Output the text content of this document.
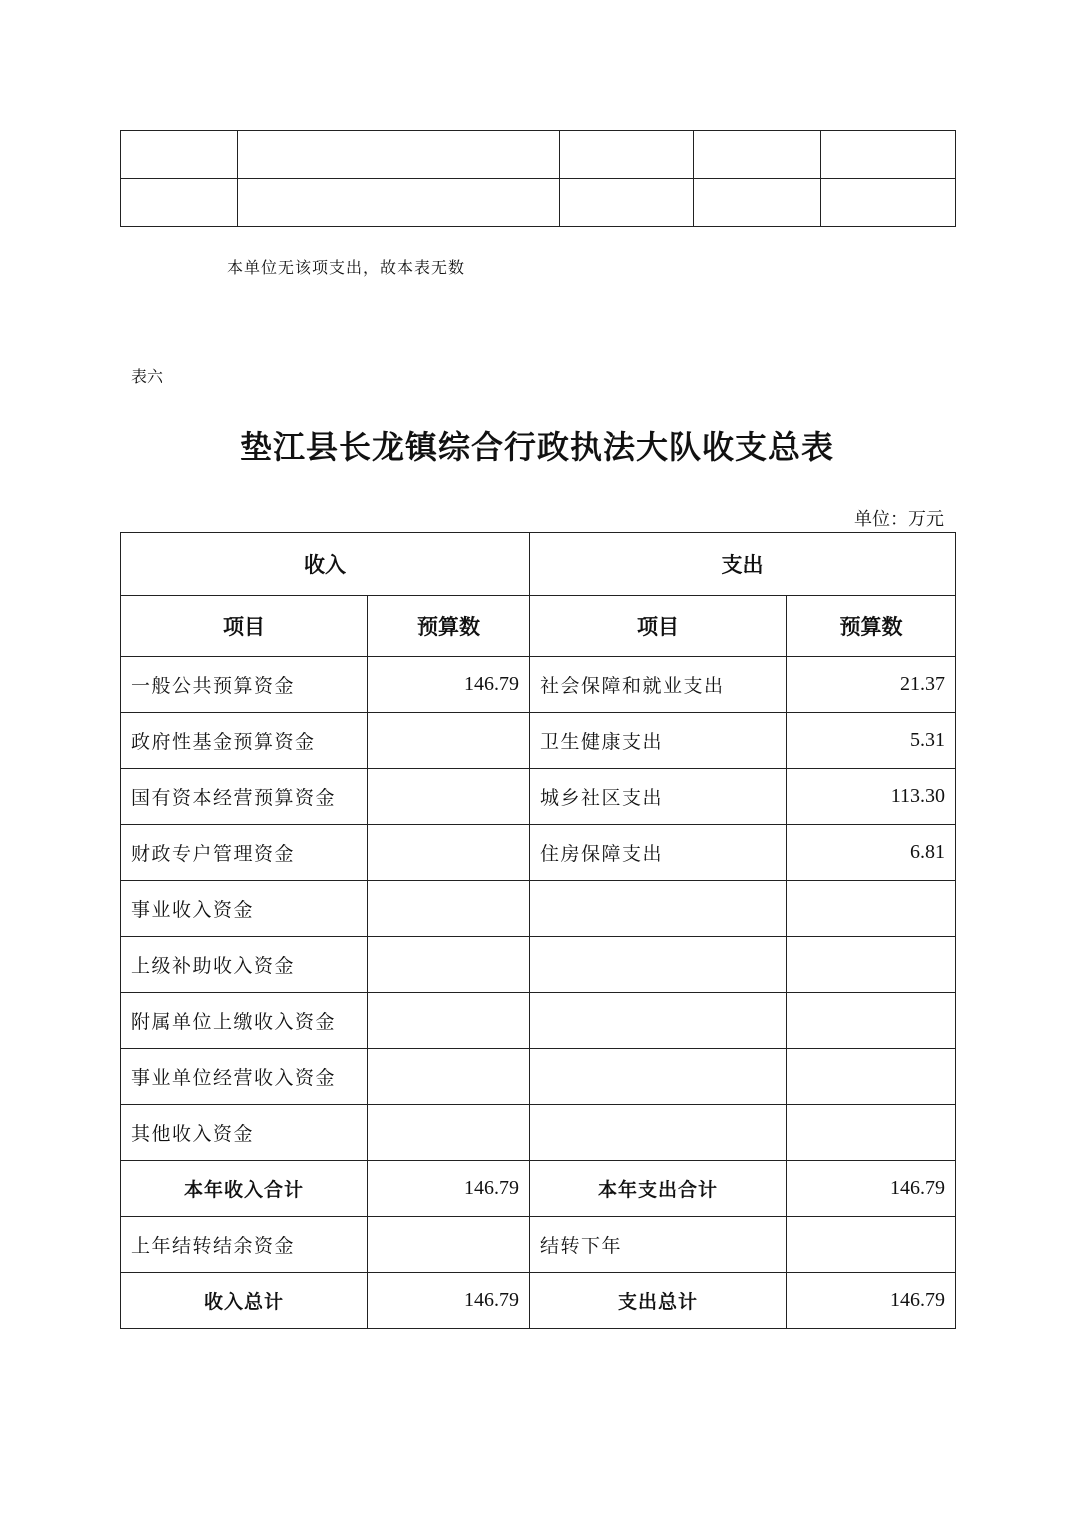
本单位无该项支出，故本表无数
表六
垫江县长龙镇综合行政执法大队收支总表
单位：万元
收入		支出	
项目	预算数	项目	预算数
一般公共预算资金	146.79	社会保障和就业支出	21.37
政府性基金预算资金		卫生健康支出	5.31
国有资本经营预算资金		城乡社区支出	113.30
财政专户管理资金		住房保障支出	6.81
事业收入资金			
上级补助收入资金			
附属单位上缴收入资金			
事业单位经营收入资金			
其他收入资金			
本年收入合计	146.79	本年支出合计	146.79
上年结转结余资金		结转下年	
收入总计	146.79	支出总计	146.79
